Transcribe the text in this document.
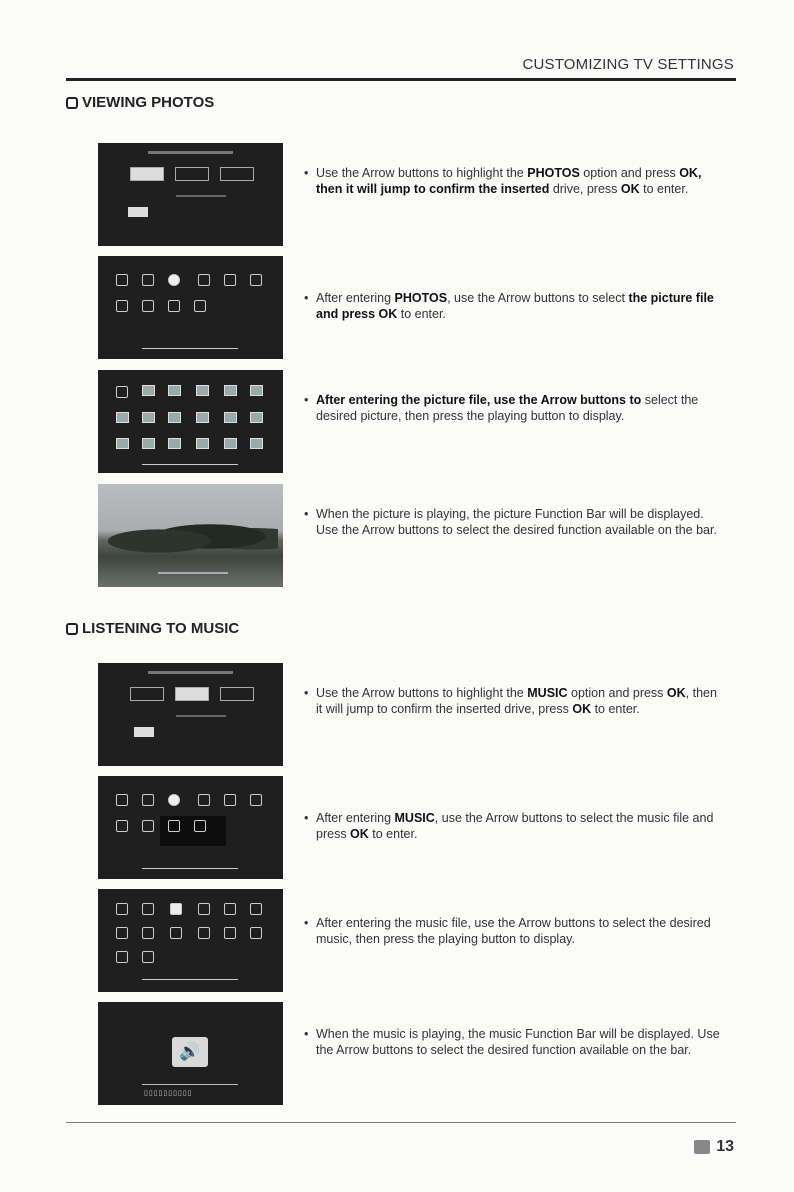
CUSTOMIZING TV SETTINGS
VIEWING PHOTOS
• Use the Arrow buttons to highlight the PHOTOS option and press OK, then it will jump to confirm the inserted drive, press OK to enter.
• After entering PHOTOS, use the Arrow buttons to select the picture file and press OK to enter.
• After entering the picture file, use the Arrow buttons to select the desired picture, then press the playing button to display.
• When the picture is playing, the picture Function Bar will be displayed. Use the Arrow buttons to select the desired function available on the bar.
LISTENING TO MUSIC
• Use the Arrow buttons to highlight the MUSIC option and press OK, then it will jump to confirm the inserted drive, press OK to enter.
• After entering MUSIC, use the Arrow buttons to select the music file and press OK to enter.
• After entering the music file, use the Arrow buttons to select the desired music, then press the playing button to display.
🔊
▯▯▯▯▯▯▯▯▯▯
• When the music is playing, the music Function Bar will be displayed. Use the Arrow buttons to select the desired function available on the bar.
13
